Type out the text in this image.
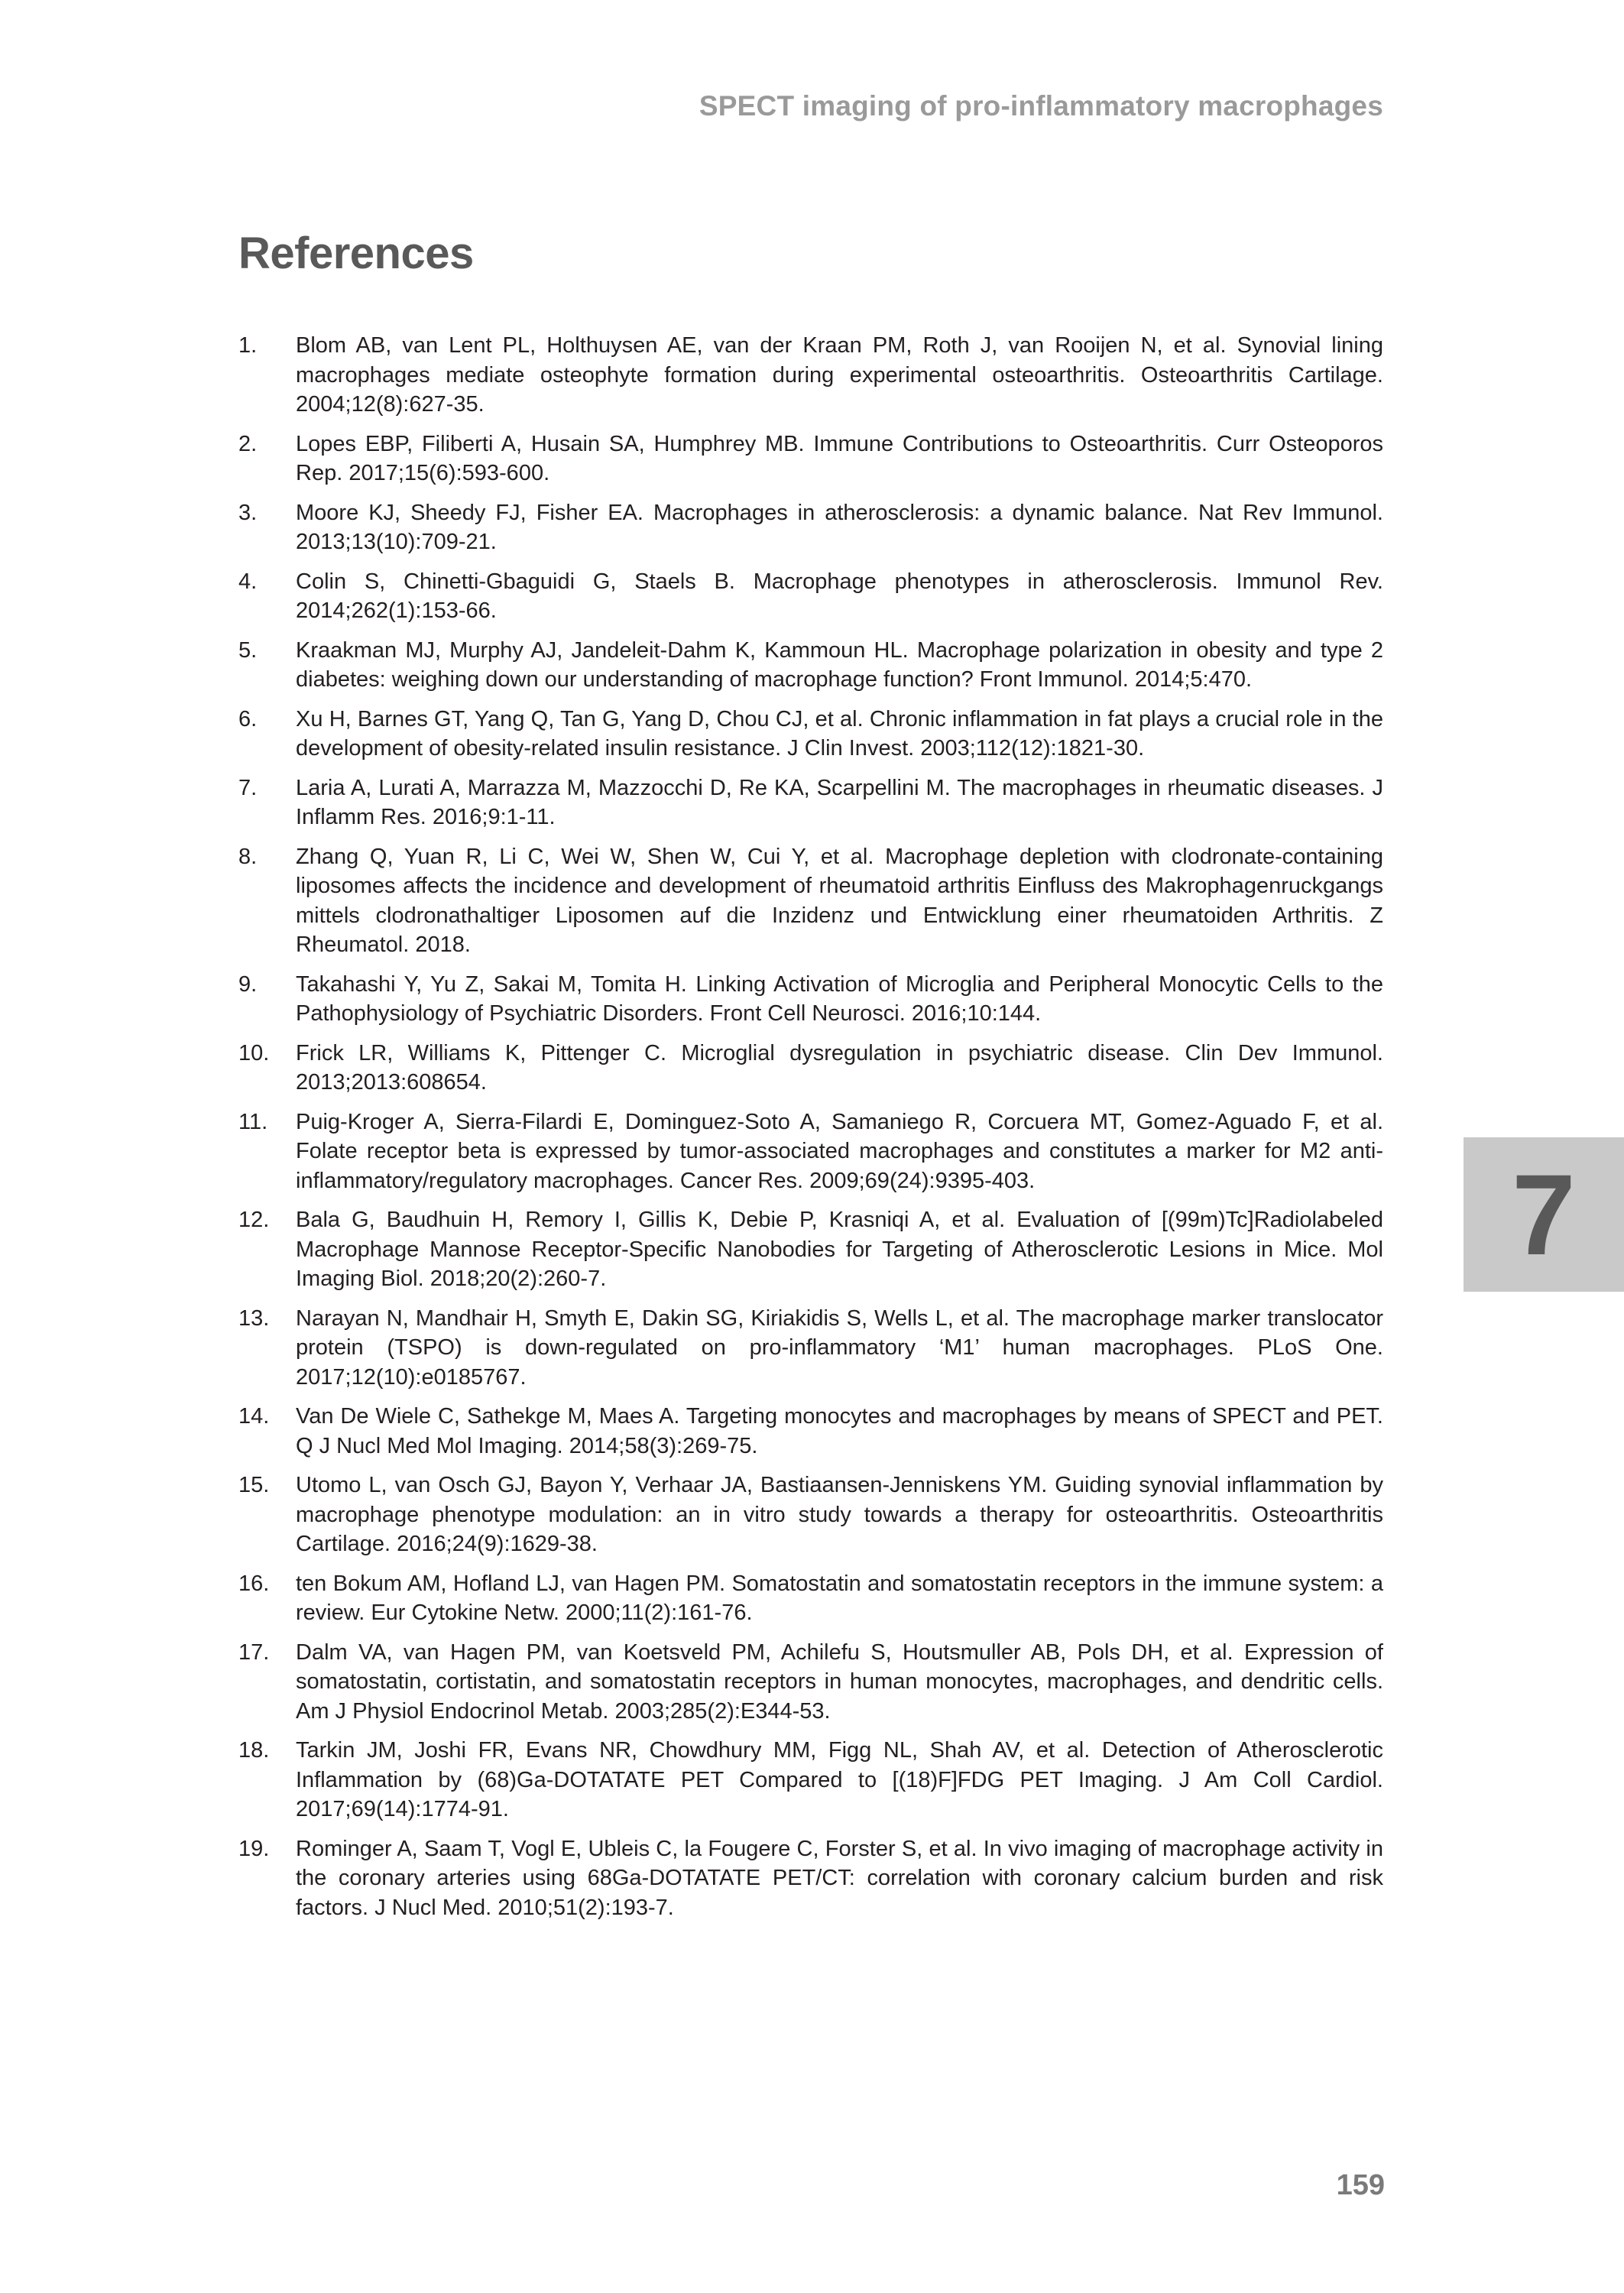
SPECT imaging of pro-inflammatory macrophages
References
1.	Blom AB, van Lent PL, Holthuysen AE, van der Kraan PM, Roth J, van Rooijen N, et al. Synovial lining macrophages mediate osteophyte formation during experimental osteoarthritis. Osteoarthritis Cartilage. 2004;12(8):627-35.
2.	Lopes EBP, Filiberti A, Husain SA, Humphrey MB. Immune Contributions to Osteoarthritis. Curr Osteoporos Rep. 2017;15(6):593-600.
3.	Moore KJ, Sheedy FJ, Fisher EA. Macrophages in atherosclerosis: a dynamic balance. Nat Rev Immunol. 2013;13(10):709-21.
4.	Colin S, Chinetti-Gbaguidi G, Staels B. Macrophage phenotypes in atherosclerosis. Immunol Rev. 2014;262(1):153-66.
5.	Kraakman MJ, Murphy AJ, Jandeleit-Dahm K, Kammoun HL. Macrophage polarization in obesity and type 2 diabetes: weighing down our understanding of macrophage function? Front Immunol. 2014;5:470.
6.	Xu H, Barnes GT, Yang Q, Tan G, Yang D, Chou CJ, et al. Chronic inflammation in fat plays a crucial role in the development of obesity-related insulin resistance. J Clin Invest. 2003;112(12):1821-30.
7.	Laria A, Lurati A, Marrazza M, Mazzocchi D, Re KA, Scarpellini M. The macrophages in rheumatic diseases. J Inflamm Res. 2016;9:1-11.
8.	Zhang Q, Yuan R, Li C, Wei W, Shen W, Cui Y, et al. Macrophage depletion with clodronate-containing liposomes affects the incidence and development of rheumatoid arthritis Einfluss des Makrophagenruckgangs mittels clodronathaltiger Liposomen auf die Inzidenz und Entwicklung einer rheumatoiden Arthritis. Z Rheumatol. 2018.
9.	Takahashi Y, Yu Z, Sakai M, Tomita H. Linking Activation of Microglia and Peripheral Monocytic Cells to the Pathophysiology of Psychiatric Disorders. Front Cell Neurosci. 2016;10:144.
10.	Frick LR, Williams K, Pittenger C. Microglial dysregulation in psychiatric disease. Clin Dev Immunol. 2013;2013:608654.
11.	Puig-Kroger A, Sierra-Filardi E, Dominguez-Soto A, Samaniego R, Corcuera MT, Gomez-Aguado F, et al. Folate receptor beta is expressed by tumor-associated macrophages and constitutes a marker for M2 anti-inflammatory/regulatory macrophages. Cancer Res. 2009;69(24):9395-403.
12.	Bala G, Baudhuin H, Remory I, Gillis K, Debie P, Krasniqi A, et al. Evaluation of [(99m)Tc]Radiolabeled Macrophage Mannose Receptor-Specific Nanobodies for Targeting of Atherosclerotic Lesions in Mice. Mol Imaging Biol. 2018;20(2):260-7.
13.	Narayan N, Mandhair H, Smyth E, Dakin SG, Kiriakidis S, Wells L, et al. The macrophage marker translocator protein (TSPO) is down-regulated on pro-inflammatory ‘M1’ human macrophages. PLoS One. 2017;12(10):e0185767.
14.	Van De Wiele C, Sathekge M, Maes A. Targeting monocytes and macrophages by means of SPECT and PET. Q J Nucl Med Mol Imaging. 2014;58(3):269-75.
15.	Utomo L, van Osch GJ, Bayon Y, Verhaar JA, Bastiaansen-Jenniskens YM. Guiding synovial inflammation by macrophage phenotype modulation: an in vitro study towards a therapy for osteoarthritis. Osteoarthritis Cartilage. 2016;24(9):1629-38.
16.	ten Bokum AM, Hofland LJ, van Hagen PM. Somatostatin and somatostatin receptors in the immune system: a review. Eur Cytokine Netw. 2000;11(2):161-76.
17.	Dalm VA, van Hagen PM, van Koetsveld PM, Achilefu S, Houtsmuller AB, Pols DH, et al. Expression of somatostatin, cortistatin, and somatostatin receptors in human monocytes, macrophages, and dendritic cells. Am J Physiol Endocrinol Metab. 2003;285(2):E344-53.
18.	Tarkin JM, Joshi FR, Evans NR, Chowdhury MM, Figg NL, Shah AV, et al. Detection of Atherosclerotic Inflammation by (68)Ga-DOTATATE PET Compared to [(18)F]FDG PET Imaging. J Am Coll Cardiol. 2017;69(14):1774-91.
19.	Rominger A, Saam T, Vogl E, Ubleis C, la Fougere C, Forster S, et al. In vivo imaging of macrophage activity in the coronary arteries using 68Ga-DOTATATE PET/CT: correlation with coronary calcium burden and risk factors. J Nucl Med. 2010;51(2):193-7.
7
159
